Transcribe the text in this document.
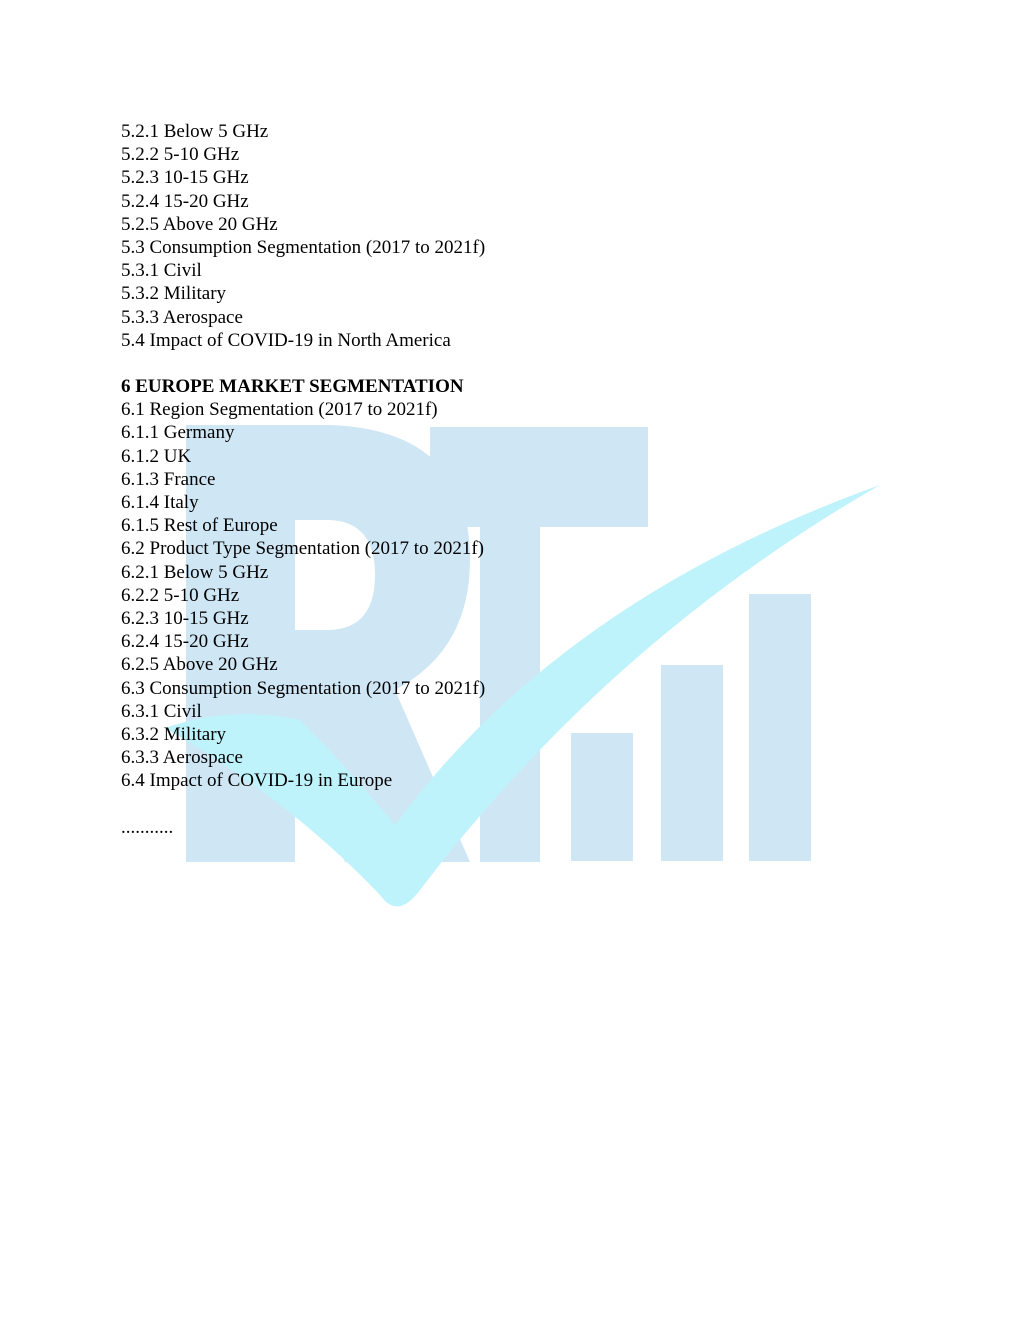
5.2.1 Below 5 GHz
5.2.2 5-10 GHz
5.2.3 10-15 GHz
5.2.4 15-20 GHz
5.2.5 Above 20 GHz
5.3 Consumption Segmentation (2017 to 2021f)
5.3.1 Civil
5.3.2 Military
5.3.3 Aerospace
5.4 Impact of COVID-19 in North America
6 EUROPE MARKET SEGMENTATION
6.1 Region Segmentation (2017 to 2021f)
6.1.1 Germany
6.1.2 UK
6.1.3 France
6.1.4 Italy
6.1.5 Rest of Europe
6.2 Product Type Segmentation (2017 to 2021f)
6.2.1 Below 5 GHz
6.2.2 5-10 GHz
6.2.3 10-15 GHz
6.2.4 15-20 GHz
6.2.5 Above 20 GHz
6.3 Consumption Segmentation (2017 to 2021f)
6.3.1 Civil
6.3.2 Military
6.3.3 Aerospace
6.4 Impact of COVID-19 in Europe
...........
